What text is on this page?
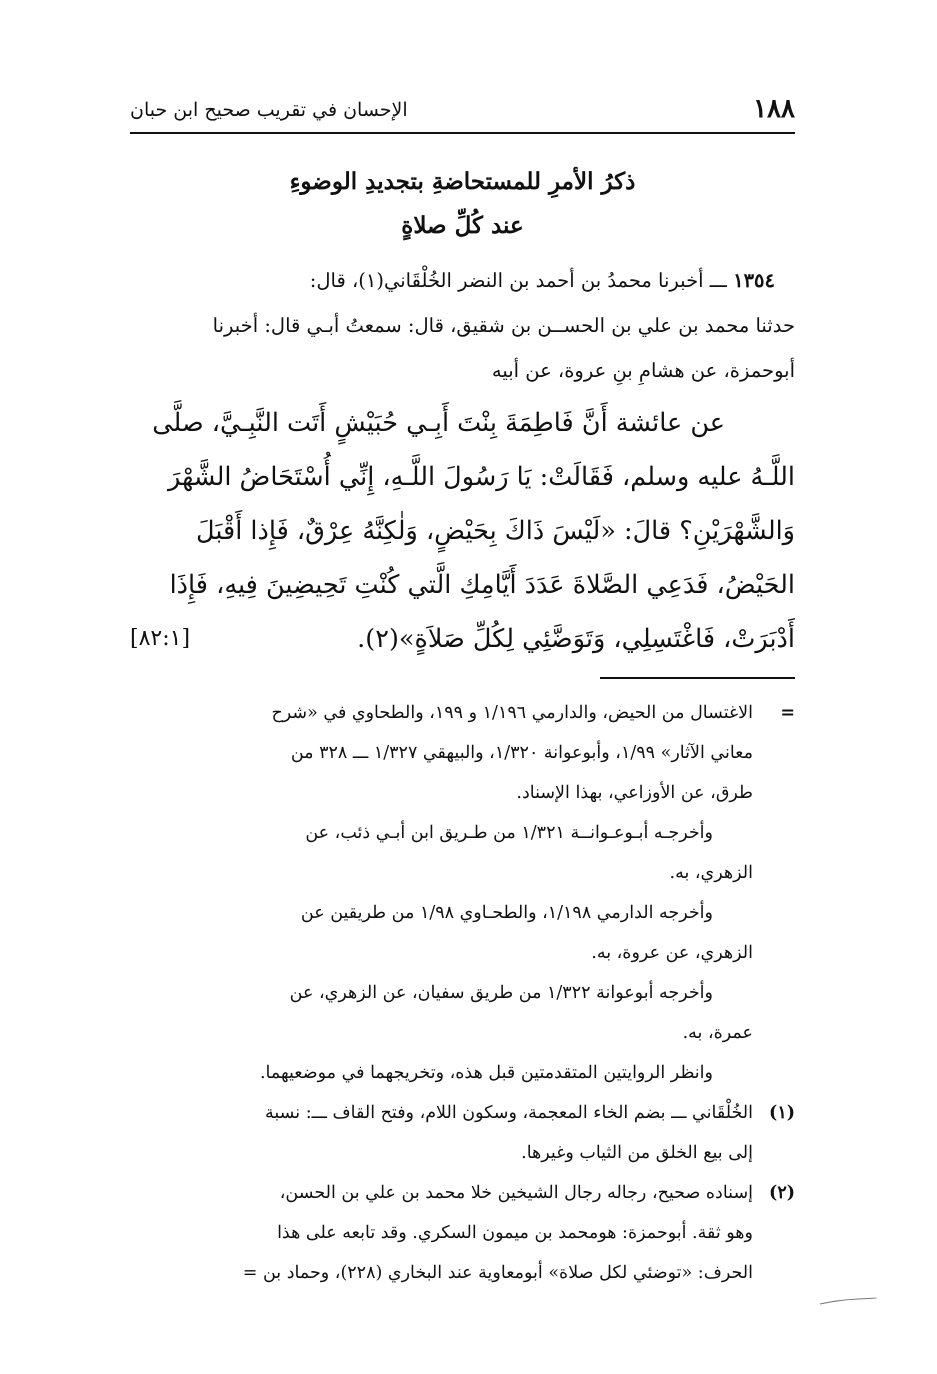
١٨٨
الإحسان في تقريب صحيح ابن حبان
ذكرُ الأمرِ للمستحاضةِ بتجديدِ الوضوءِ
عند كُلِّ صلاةٍ
١٣٥٤ ـــ أخبرنا محمدُ بن أحمد بن النضر الخُلْقَاني(١)، قال:
حدثنا محمد بن علي بن الحســن بن شقيق، قال: سمعتُ أبـي قال: أخبرنا
أبوحمزة، عن هشامِ بنِ عروة، عن أبيه
عن عائشة أَنَّ فَاطِمَةَ بِنْتَ أَبِـي حُبَيْشٍ أَتَت النَّبِـيَّ، صلَّى
اللَّـهُ عليه وسلم، فَقَالَتْ: يَا رَسُولَ اللَّـهِ، إِنِّي أُسْتَحَاضُ الشَّهْرَ
وَالشَّهْرَيْنِ؟ قالَ: «لَيْسَ ذَاكَ بِحَيْضٍ، وَلٰكِنَّهُ عِرْقٌ، فَإِذا أَقْبَلَ
الحَيْضُ، فَدَعِي الصَّلاةَ عَدَدَ أَيَّامِكِ الَّتي كُنْتِ تَحِيضِينَ فِيهِ، فَإِذَا
أَدْبَرَتْ، فَاغْتَسِلِي، وَتَوَضَّئِي لِكُلِّ صَلاَةٍ»(٢).
[٨٢:١]
=
الاغتسال من الحيض، والدارمي ١/١٩٦ و ١٩٩، والطحاوي في «شرح
معاني الآثار» ١/٩٩، وأبوعوانة ١/٣٢٠، والبيهقي ١/٣٢٧ ـــ ٣٢٨ من
طرق، عن الأوزاعي، بهذا الإسناد.
وأخرجـه أبـوعـوانــة ١/٣٢١ من طـريق ابن أبـي ذئب، عن
الزهري، به.
وأخرجه الدارمي ١/١٩٨، والطحـاوي ١/٩٨ من طريقين عن
الزهري، عن عروة، به.
وأخرجه أبوعوانة ١/٣٢٢ من طريق سفيان، عن الزهري، عن
عمرة، به.
وانظر الروايتين المتقدمتين قبل هذه، وتخريجهما في موضعيهما.
(١)
الخُلْقَاني ـــ بضم الخاء المعجمة، وسكون اللام، وفتح القاف ـــ: نسبة
إلى بيع الخلق من الثياب وغيرها.
(٢)
إسناده صحيح، رجاله رجال الشيخين خلا محمد بن علي بن الحسن،
وهو ثقة. أبوحمزة: هومحمد بن ميمون السكري. وقد تابعه على هذا
الحرف: «توضئي لكل صلاة» أبومعاوية عند البخاري (٢٢٨)، وحماد بن =
